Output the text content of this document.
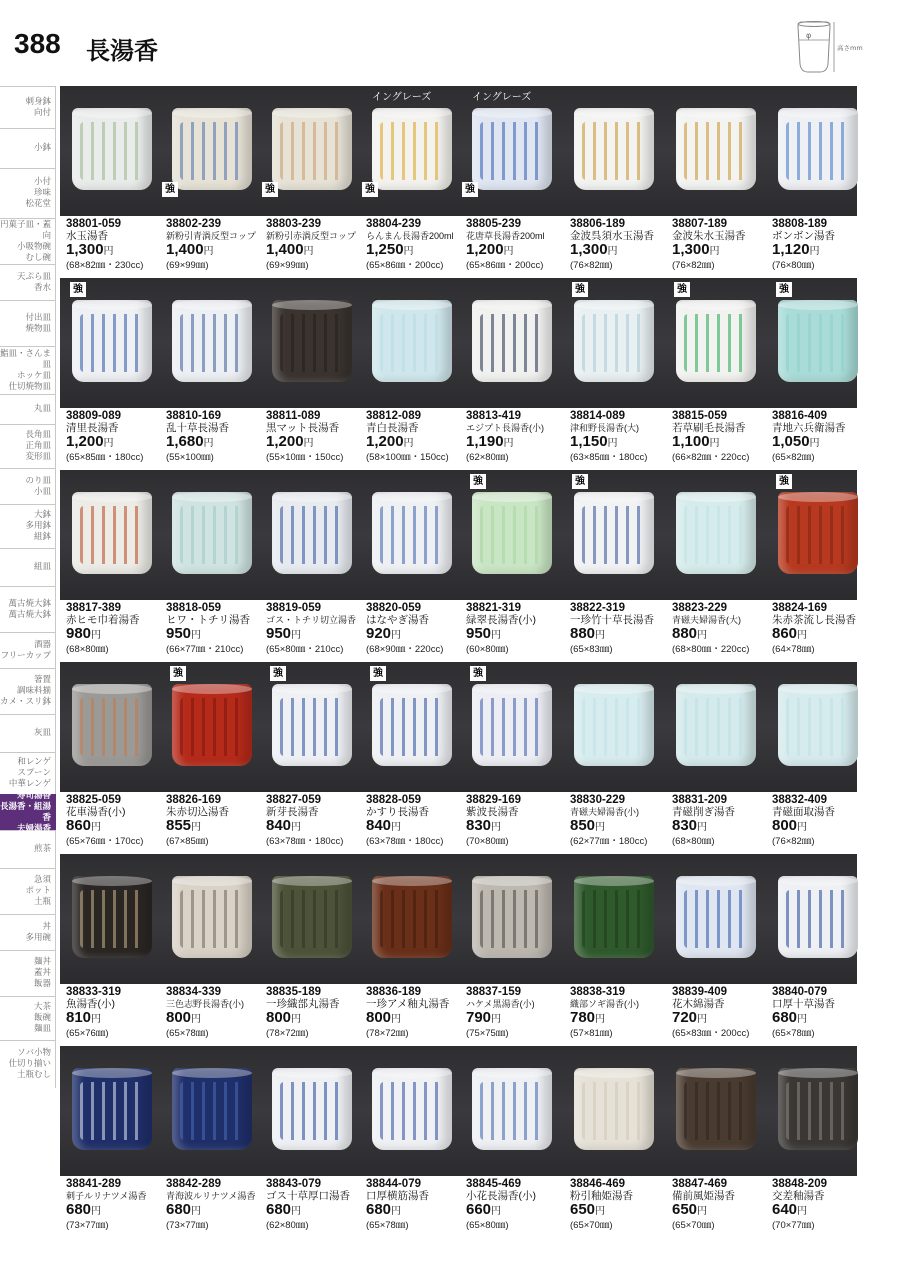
388 長湯香
φ
高さmm
刺身鉢
向付
小鉢
小付
珍味
松花堂
円菓子皿・蓋向
小吸物碗
むし碗
天ぷら皿
香水
付出皿
焼物皿
鮨皿・さんま皿
ホッケ皿
仕切焼物皿
丸皿
長角皿
正角皿
変形皿
のり皿
小皿
大鉢
多用鉢
組鉢
組皿
萬古焼大鉢
萬古焼大鉢
酒器
フリーカップ
箸置
調味料揃
カメ・スリ鉢
灰皿
和レンゲ
スプーン
中華レンゲ
寿司湯香
長湯香・組湯香
夫婦湯香
煎茶
急須
ポット
土瓶
丼
多用碗
麺丼
蓋丼
飯器
大茶
飯碗
麺皿
ソバ小物
仕切り揃い
土瓶むし
強	強
イングレーズ
強
イングレーズ
強
38801-059
水玉湯香
1,300円
(68×82㎜・230cc)
38802-239
新粉引青渦反型コップ
1,400円
(69×99㎜)
38803-239
新粉引赤渦反型コップ
1,400円
(69×99㎜)
38804-239
らんまん長湯香200ml
1,250円
(65×86㎜・200cc)
38805-239
花唐草長湯香200ml
1,200円
(65×86㎜・200cc)
38806-189
金波呉須水玉湯香
1,300円
(76×82㎜)
38807-189
金波朱水玉湯香
1,300円
(76×82㎜)
38808-189
ボンボン湯香
1,120円
(76×80㎜)
強	強	強	強
38809-089
清里長湯香
1,200円
(65×85㎜・180cc)
38810-169
乱十草長湯香
1,680円
(55×100㎜)
38811-089
黒マット長湯香
1,200円
(55×10㎜・150cc)
38812-089
青白長湯香
1,200円
(58×100㎜・150cc)
38813-419
エジプト長湯香(小)
1,190円
(62×80㎜)
38814-089
津和野長湯香(大)
1,150円
(63×85㎜・180cc)
38815-059
若草刷毛長湯香
1,100円
(66×82㎜・220cc)
38816-409
青地六兵衛湯香
1,050円
(65×82㎜)
強	強	強
38817-389
赤ヒモ巾着湯香
980円
(68×80㎜)
38818-059
ヒワ・トチリ湯香
950円
(66×77㎜・210cc)
38819-059
ゴス・トチリ切立湯香
950円
(65×80㎜・210cc)
38820-059
はなやぎ湯香
920円
(68×90㎜・220cc)
38821-319
緑翠長湯香(小)
950円
(60×80㎜)
38822-319
一珍竹十草長湯香
880円
(65×83㎜)
38823-229
青磁夫婦湯香(大)
880円
(68×80㎜・220cc)
38824-169
朱赤茶流し長湯香
860円
(64×78㎜)
強	強	強	強
38825-059
花車湯香(小)
860円
(65×76㎜・170cc)
38826-169
朱赤切込湯香
855円
(67×85㎜)
38827-059
新芽長湯香
840円
(63×78㎜・180cc)
38828-059
かすり長湯香
840円
(63×78㎜・180cc)
38829-169
紫波長湯香
830円
(70×80㎜)
38830-229
青磁夫婦湯香(小)
850円
(62×77㎜・180cc)
38831-209
青磁削ぎ湯香
830円
(68×80㎜)
38832-409
青磁面取湯香
800円
(76×82㎜)
38833-319
魚湯香(小)
810円
(65×76㎜)
38834-339
三色志野長湯香(小)
800円
(65×78㎜)
38835-189
一珍織部丸湯香
800円
(78×72㎜)
38836-189
一珍アメ釉丸湯香
800円
(78×72㎜)
38837-159
ハケメ黒湯香(小)
790円
(75×75㎜)
38838-319
織部ソギ湯香(小)
780円
(57×81㎜)
38839-409
花木綿湯香
720円
(65×83㎜・200cc)
38840-079
口厚十草湯香
680円
(65×78㎜)
38841-289
刺子ルリナツメ湯香
680円
(73×77㎜)
38842-289
青海波ルリナツメ湯香
680円
(73×77㎜)
38843-079
ゴス十草厚口湯香
680円
(62×80㎜)
38844-079
口厚横筋湯香
680円
(65×78㎜)
38845-469
小花長湯香(小)
660円
(65×80㎜)
38846-469
粉引釉姫湯香
650円
(65×70㎜)
38847-469
備前風姫湯香
650円
(65×70㎜)
38848-209
交差釉湯香
640円
(70×77㎜)
